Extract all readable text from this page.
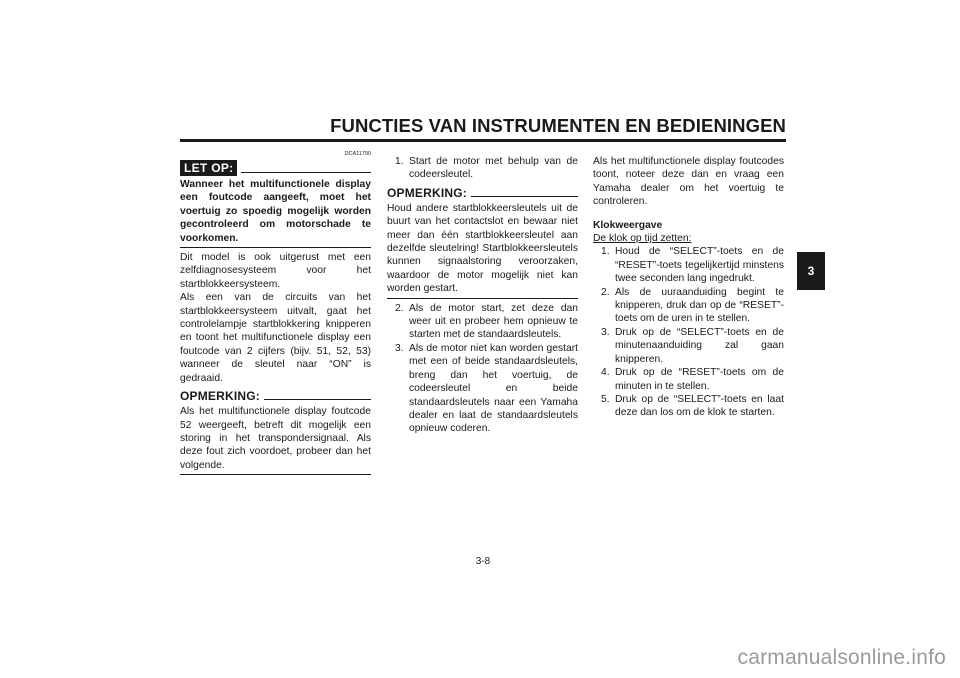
FUNCTIES VAN INSTRUMENTEN EN BEDIENINGEN
3
DCA11790
LET OP:

Wanneer het multifunctionele display een foutcode aangeeft, moet het voertuig zo spoedig mogelijk worden gecontroleerd om motorschade te voorkomen.

Dit model is ook uitgerust met een zelfdiagnosesysteem voor het startblokkeersysteem.

Als een van de circuits van het startblokkeersysteem uitvalt, gaat het controlelampje startblokkering knipperen en toont het multifunctionele display een foutcode van 2 cijfers (bijv. 51, 52, 53) wanneer de sleutel naar “ON” is gedraaid.

OPMERKING:

Als het multifunctionele display foutcode 52 weergeeft, betreft dit mogelijk een storing in het transpondersignaal. Als deze fout zich voordoet, probeer dan het volgende.

1. Start de motor met behulp van de codeersleutel.
OPMERKING:

Houd andere startblokkeersleutels uit de buurt van het contactslot en bewaar niet meer dan één startblokkeersleutel aan dezelfde sleutelring! Startblokkeersleutels kunnen signaalstoring veroorzaken, waardoor de motor mogelijk niet kan worden gestart.

2. Als de motor start, zet deze dan weer uit en probeer hem opnieuw te starten met de standaardsleutels.
3. Als de motor niet kan worden gestart met een of beide standaardsleutels, breng dan het voertuig, de codeersleutel en beide standaardsleutels naar een Yamaha dealer en laat de standaardsleutels opnieuw coderen.

Als het multifunctionele display foutcodes toont, noteer deze dan en vraag een Yamaha dealer om het voertuig te controleren.

Klokweergave
De klok op tijd zetten:
1. Houd de “SELECT”-toets en de “RESET”-toets tegelijkertijd minstens twee seconden lang ingedrukt.
2. Als de uuraanduiding begint te knipperen, druk dan op de “RESET”-toets om de uren in te stellen.
3. Druk op de “SELECT”-toets en de minutenaanduiding zal gaan knipperen.
4. Druk op de “RESET”-toets om de minuten in te stellen.
5. Druk op de “SELECT”-toets en laat deze dan los om de klok te starten.
3-8
carmanualsonline.info
